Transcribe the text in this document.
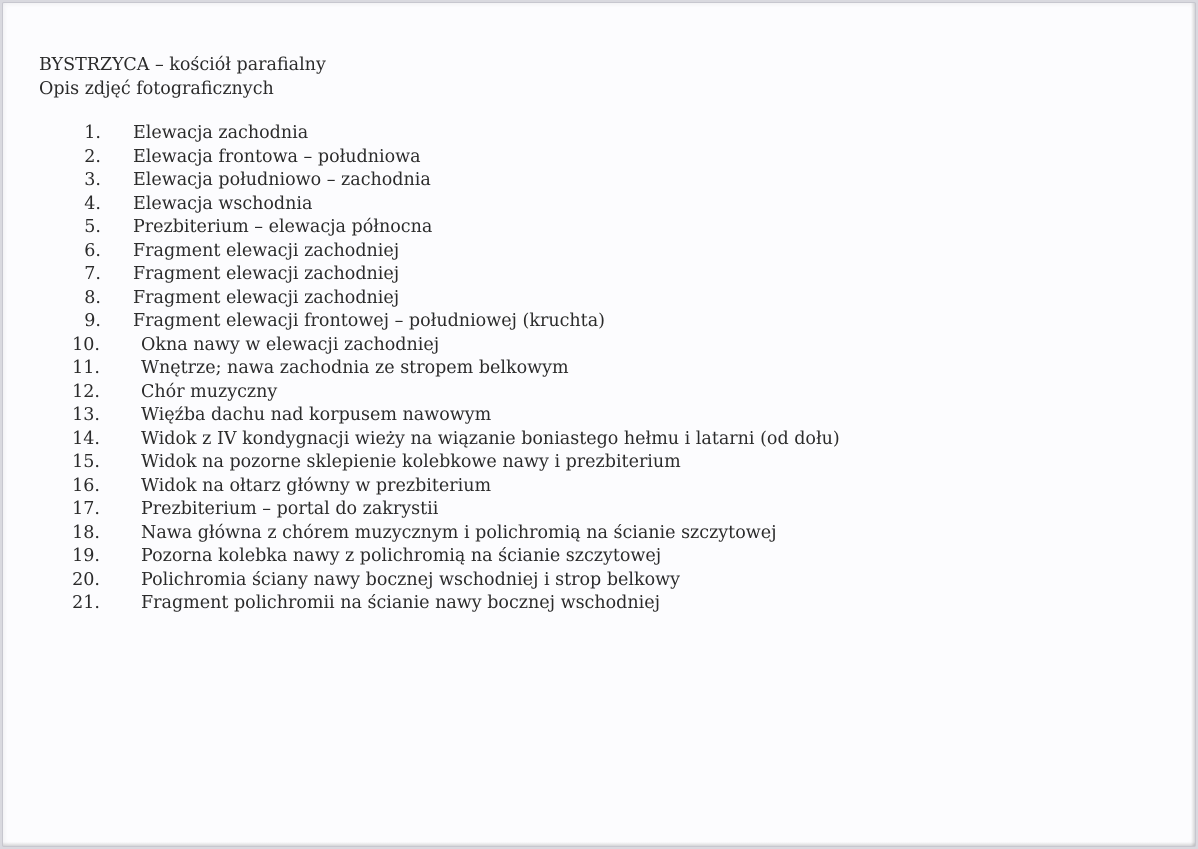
BYSTRZYCA – kościół parafialny
Opis zdjęć fotograficznych
1. Elewacja zachodnia
2. Elewacja frontowa – południowa
3. Elewacja południowo – zachodnia
4. Elewacja wschodnia
5. Prezbiterium – elewacja północna
6. Fragment elewacji zachodniej
7. Fragment elewacji zachodniej
8. Fragment elewacji zachodniej
9. Fragment elewacji frontowej – południowej (kruchta)
10. Okna nawy w elewacji zachodniej
11. Wnętrze; nawa zachodnia ze stropem belkowym
12. Chór muzyczny
13. Więźba dachu nad korpusem nawowym
14. Widok z IV kondygnacji wieży na wiązanie boniastego hełmu i latarni (od dołu)
15. Widok na pozorne sklepienie kolebkowe nawy i prezbiterium
16. Widok na ołtarz główny w prezbiterium
17. Prezbiterium – portal do zakrystii
18. Nawa główna z chórem muzycznym i polichromią na ścianie szczytowej
19. Pozorna kolebka nawy z polichromią na ścianie szczytowej
20. Polichromia ściany nawy bocznej wschodniej i strop belkowy
21. Fragment polichromii na ścianie nawy bocznej wschodniej
